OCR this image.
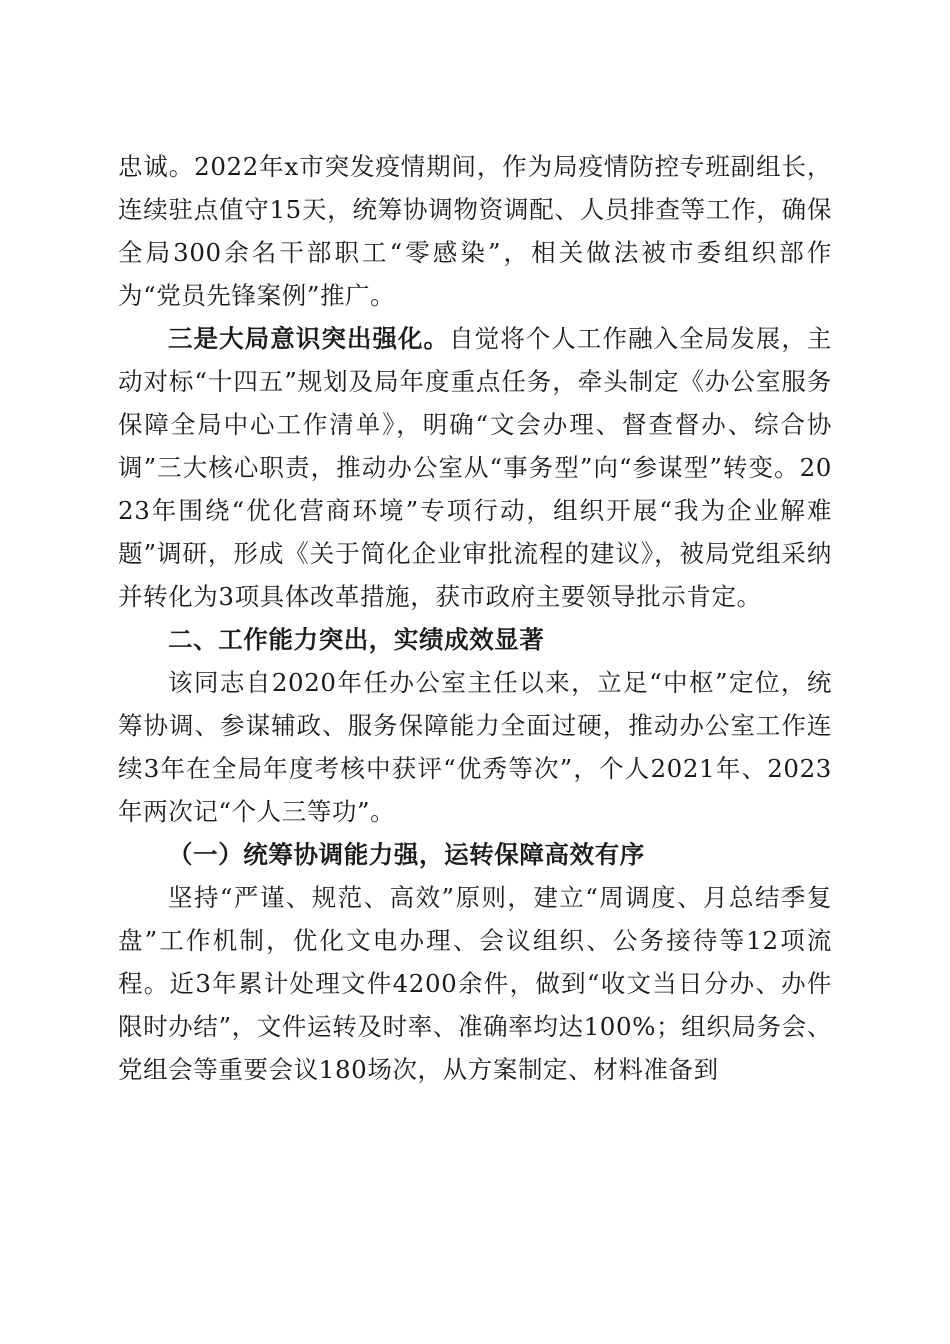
忠诚。2022年x市突发疫情期间，作为局疫情防控专班副组长，连续驻点值守15天，统筹协调物资调配、人员排查等工作，确保全局300余名干部职工“零感染”，相关做法被市委组织部作为“党员先锋案例”推广。

三是大局意识突出强化。自觉将个人工作融入全局发展，主动对标“十四五”规划及局年度重点任务，牵头制定《办公室服务保障全局中心工作清单》，明确“文会办理、督查督办、综合协调”三大核心职责，推动办公室从“事务型”向“参谋型”转变。2023年围绕“优化营商环境”专项行动，组织开展“我为企业解难题”调研，形成《关于简化企业审批流程的建议》，被局党组采纳并转化为3项具体改革措施，获市政府主要领导批示肯定。

二、工作能力突出，实绩成效显著

该同志自2020年任办公室主任以来，立足“中枢”定位，统筹协调、参谋辅政、服务保障能力全面过硬，推动办公室工作连续3年在全局年度考核中获评“优秀等次”，个人2021年、2023年两次记“个人三等功”。

（一）统筹协调能力强，运转保障高效有序

坚持“严谨、规范、高效”原则，建立“周调度、月总结季复盘”工作机制，优化文电办理、会议组织、公务接待等12项流程。近3年累计处理文件4200余件，做到“收文当日分办、办件限时办结”，文件运转及时率、准确率均达100%；组织局务会、党组会等重要会议180场次，从方案制定、材料准备到
